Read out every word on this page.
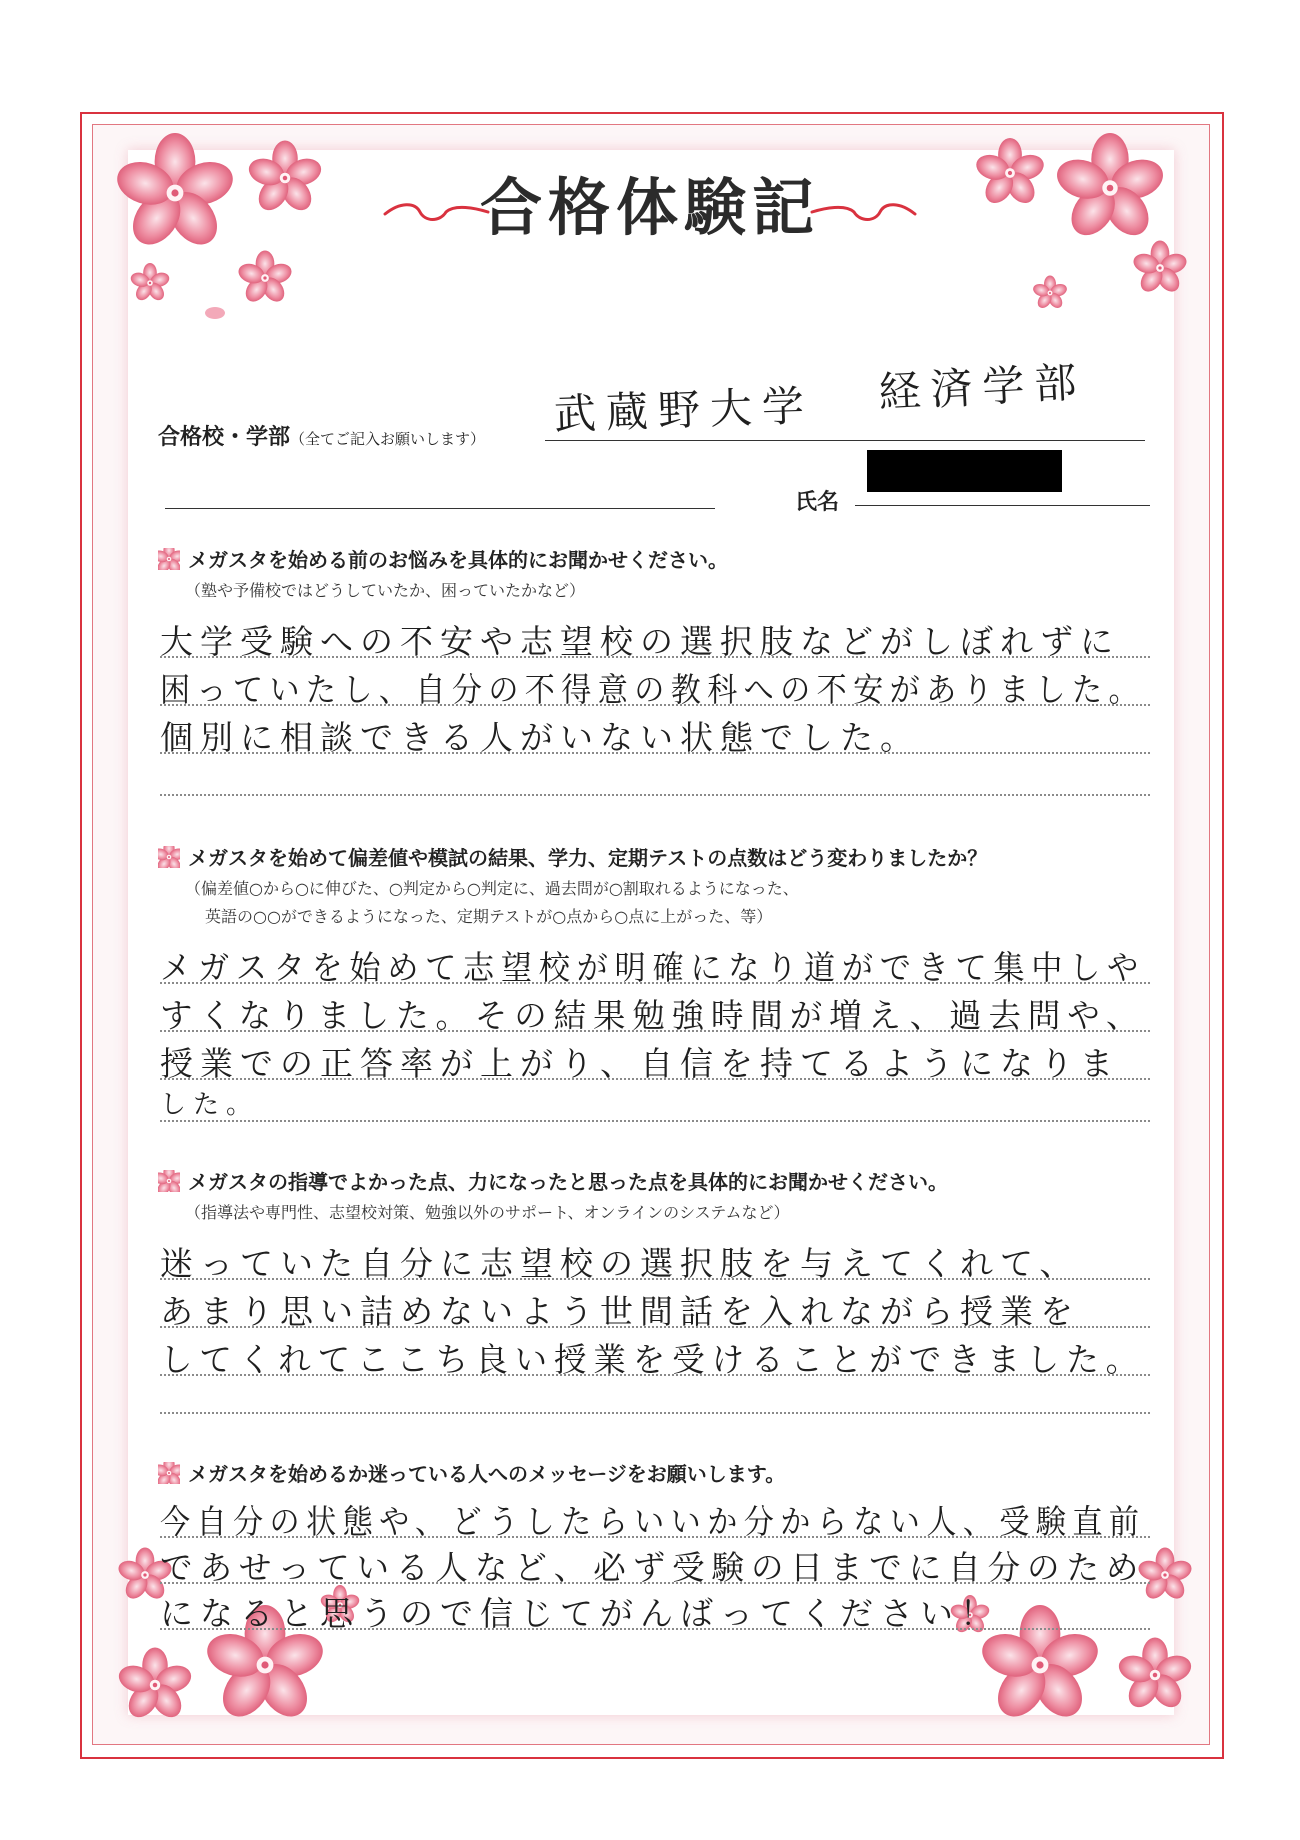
合格体験記
合格校・学部（全てご記入お願いします） 武蔵野大学 経済学部
氏名
メガスタを始める前のお悩みを具体的にお聞かせください。
（塾や予備校ではどうしていたか、困っていたかなど）
大学受験への不安や志望校の選択肢などがしぼれずに
困っていたし、自分の不得意の教科への不安がありました。
個別に相談できる人がいない状態でした。
メガスタを始めて偏差値や模試の結果、学力、定期テストの点数はどう変わりましたか？
（偏差値○から○に伸びた、○判定から○判定に、過去問が○割取れるようになった、
英語の○○ができるようになった、定期テストが○点から○点に上がった、等）
メガスタを始めて志望校が明確になり道ができて集中しや
すくなりました。その結果勉強時間が増え、過去問や、
授業での正答率が上がり、自信を持てるようになりま
した。
メガスタの指導でよかった点、力になったと思った点を具体的にお聞かせください。
（指導法や専門性、志望校対策、勉強以外のサポート、オンラインのシステムなど）
迷っていた自分に志望校の選択肢を与えてくれて、
あまり思い詰めないよう世間話を入れながら授業を
してくれてここち良い授業を受けることができました。
メガスタを始めるか迷っている人へのメッセージをお願いします。
今自分の状態や、どうしたらいいか分からない人、受験直前
であせっている人など、必ず受験の日までに自分のため
になると思うので信じてがんばってください！
